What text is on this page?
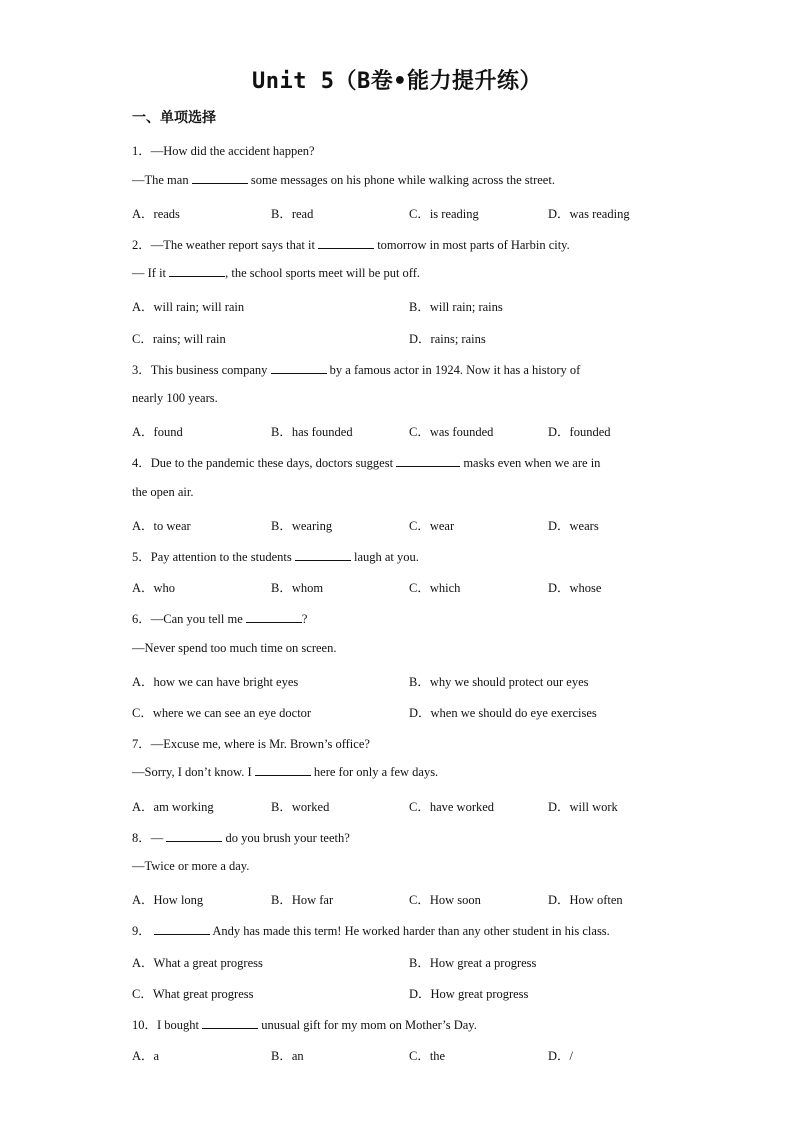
Unit 5（B卷•能力提升练）
一、单项选择
1．—How did the accident happen?
—The man	some messages on his phone while walking across the street.
A．reads	B．read	C．is reading	D．was reading
2．—The weather report says that it	tomorrow in most parts of Harbin city.
— If it	, the school sports meet will be put off.
A．will rain; will rain	B．will rain; rains
C．rains; will rain	D．rains; rains
3．This business company	by a famous actor in 1924. Now it has a history of
nearly 100 years.
A．found	B．has founded	C．was founded	D．founded
4．Due to the pandemic these days, doctors suggest	masks even when we are in
the open air.
A．to wear	B．wearing	C．wear	D．wears
5．Pay attention to the students	laugh at you.
A．who	B．whom	C．which	D．whose
6．—Can you tell me	?
—Never spend too much time on screen.
A．how we can have bright eyes	B．why we should protect our eyes
C．where we can see an eye doctor	D．when we should do eye exercises
7．—Excuse me, where is Mr. Brown’s office?
—Sorry, I don’t know. I	here for only a few days.
A．am working	B．worked	C．have worked	D．will work
8．—	do you brush your teeth?
—Twice or more a day.
A．How long	B．How far	C．How soon	D．How often
9．	Andy has made this term! He worked harder than any other student in his class.
A．What a great progress	B．How great a progress
C．What great progress	D．How great progress
10．I bought	unusual gift for my mom on Mother’s Day.
A．a	B．an	C．the	D．/
